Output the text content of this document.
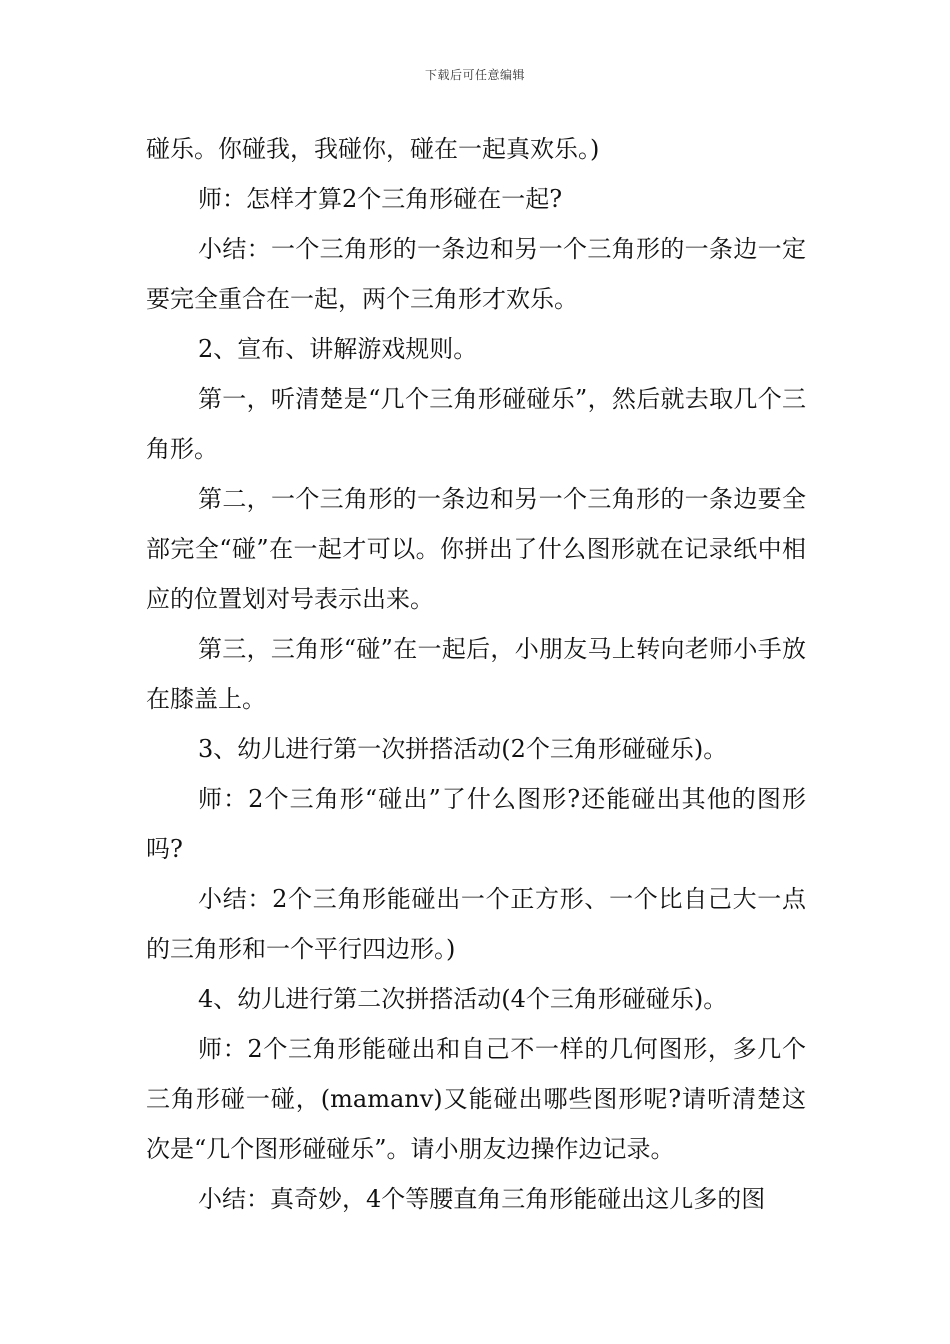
下载后可任意编辑

碰乐。你碰我，我碰你，碰在一起真欢乐。)

师：怎样才算2个三角形碰在一起?

小结：一个三角形的一条边和另一个三角形的一条边一定要完全重合在一起，两个三角形才欢乐。

2、宣布、讲解游戏规则。

第一，听清楚是“几个三角形碰碰乐”，然后就去取几个三角形。

第二，一个三角形的一条边和另一个三角形的一条边要全部完全“碰”在一起才可以。你拼出了什么图形就在记录纸中相应的位置划对号表示出来。

第三，三角形“碰”在一起后，小朋友马上转向老师小手放在膝盖上。

3、幼儿进行第一次拼搭活动(2个三角形碰碰乐)。

师：2个三角形“碰出”了什么图形?还能碰出其他的图形吗?

小结：2个三角形能碰出一个正方形、一个比自己大一点的三角形和一个平行四边形。)

4、幼儿进行第二次拼搭活动(4个三角形碰碰乐)。

师：2个三角形能碰出和自己不一样的几何图形，多几个三角形碰一碰，(mamanv)又能碰出哪些图形呢?请听清楚这次是“几个图形碰碰乐”。请小朋友边操作边记录。

小结：真奇妙，4个等腰直角三角形能碰出这儿多的图
